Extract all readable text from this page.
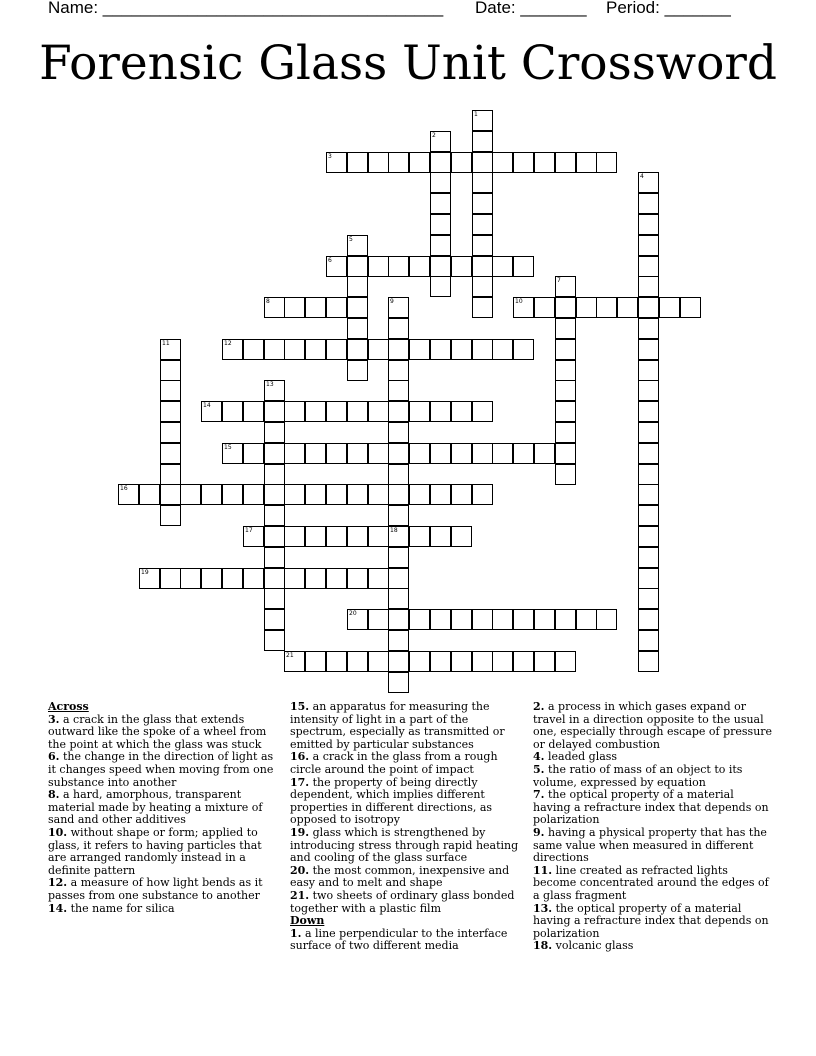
Name: ____________________________________ Date: _______ Period: _______
Forensic Glass Unit Crossword
1
2
3
4
5
6
7
8	9
18
10
11	12
13
14
15
16
17
19
20
21
Across
3. a crack in the glass that extends outward like the spoke of a wheel from the point at which the glass was stuck
6. the change in the direction of light as it changes speed when moving from one substance into another
8. a hard, amorphous, transparent material made by heating a mixture of sand and other additives
10. without shape or form; applied to glass, it refers to having particles that are arranged randomly instead in a definite pattern
12. a measure of how light bends as it passes from one substance to another
14. the name for silica
15. an apparatus for measuring the intensity of light in a part of the spectrum, especially as transmitted or emitted by particular substances
16. a crack in the glass from a rough circle around the point of impact
17. the property of being directly dependent, which implies different properties in different directions, as opposed to isotropy
19. glass which is strengthened by introducing stress through rapid heating and cooling of the glass surface
20. the most common, inexpensive and easy and to melt and shape
21. two sheets of ordinary glass bonded together with a plastic film
Down
1. a line perpendicular to the interface surface of two different media
2. a process in which gases expand or travel in a direction opposite to the usual one, especially through escape of pressure or delayed combustion
4. leaded glass
5. the ratio of mass of an object to its volume, expressed by equation
7. the optical property of a material having a refracture index that depends on polarization
9. having a physical property that has the same value when measured in different directions
11. line created as refracted lights become concentrated around the edges of a glass fragment
13. the optical property of a material having a refracture index that depends on polarization
18. volcanic glass
